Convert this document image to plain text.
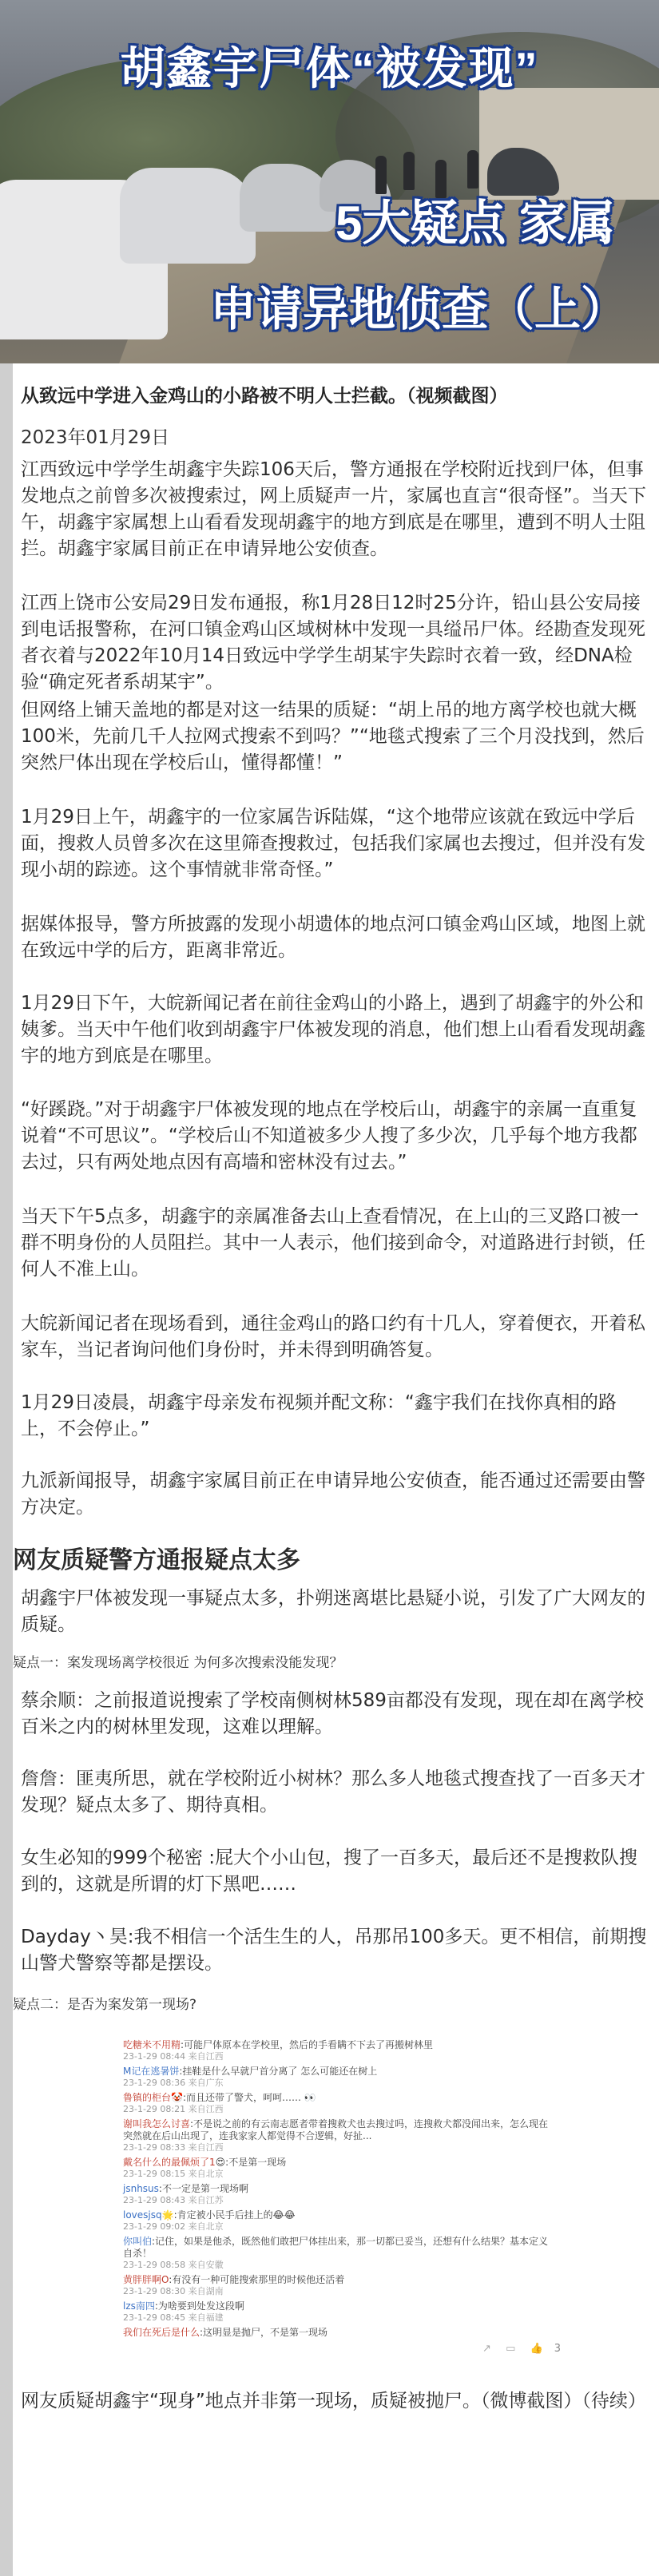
胡鑫宇尸体“被发现”
5大疑点 家属
申请异地侦查（上）
从致远中学进入金鸡山的小路被不明人士拦截。（视频截图）
2023年01月29日

江西致远中学学生胡鑫宇失踪106天后，警方通报在学校附近找到尸体，但事发地点之前曾多次被搜索过，网上质疑声一片，家属也直言“很奇怪”。当天下午，胡鑫宇家属想上山看看发现胡鑫宇的地方到底是在哪里，遭到不明人士阻拦。胡鑫宇家属目前正在申请异地公安侦查。

江西上饶市公安局29日发布通报，称1月28日12时25分许，铅山县公安局接到电话报警称，在河口镇金鸡山区域树林中发现一具缢吊尸体。经勘查发现死者衣着与2022年10月14日致远中学学生胡某宇失踪时衣着一致，经DNA检验“确定死者系胡某宇”。

但网络上铺天盖地的都是对这一结果的质疑：“胡上吊的地方离学校也就大概100米，先前几千人拉网式搜索不到吗？”“地毯式搜索了三个月没找到，然后突然尸体出现在学校后山，懂得都懂！”

1月29日上午，胡鑫宇的一位家属告诉陆媒，“这个地带应该就在致远中学后面，搜救人员曾多次在这里筛查搜救过，包括我们家属也去搜过，但并没有发现小胡的踪迹。这个事情就非常奇怪。”

据媒体报导，警方所披露的发现小胡遗体的地点河口镇金鸡山区域，地图上就在致远中学的后方，距离非常近。

1月29日下午，大皖新闻记者在前往金鸡山的小路上，遇到了胡鑫宇的外公和姨爹。当天中午他们收到胡鑫宇尸体被发现的消息，他们想上山看看发现胡鑫宇的地方到底是在哪里。

“好蹊跷。”对于胡鑫宇尸体被发现的地点在学校后山，胡鑫宇的亲属一直重复说着“不可思议”。“学校后山不知道被多少人搜了多少次，几乎每个地方我都去过，只有两处地点因有高墙和密林没有过去。”

当天下午5点多，胡鑫宇的亲属准备去山上查看情况，在上山的三叉路口被一群不明身份的人员阻拦。其中一人表示，他们接到命令，对道路进行封锁，任何人不准上山。

大皖新闻记者在现场看到，通往金鸡山的路口约有十几人，穿着便衣，开着私家车，当记者询问他们身份时，并未得到明确答复。

1月29日凌晨，胡鑫宇母亲发布视频并配文称：“鑫宇我们在找你真相的路上，不会停止。”

九派新闻报导，胡鑫宇家属目前正在申请异地公安侦查，能否通过还需要由警方决定。

网友质疑警方通报疑点太多

胡鑫宇尸体被发现一事疑点太多，扑朔迷离堪比悬疑小说，引发了广大网友的质疑。

疑点一：案发现场离学校很近 为何多次搜索没能发现？

蔡余顺：之前报道说搜索了学校南侧树林589亩都没有发现，现在却在离学校百米之内的树林里发现，这难以理解。

詹詹：匪夷所思，就在学校附近小树林？那么多人地毯式搜查找了一百多天才发现？疑点太多了、期待真相。

女生必知的999个秘密 :屁大个小山包，搜了一百多天，最后还不是搜救队搜到的，这就是所谓的灯下黑吧……

Dayday丶昊:我不相信一个活生生的人，吊那吊100多天。更不相信，前期搜山警犬警察等都是摆设。

疑点二：是否为案发第一现场?
吃糖米不用精:可能尸体原本在学校里，然后的手看瞒不下去了再搬树林里
23-1-29 08:44 来自江西
M记在逃暑饼:挂鞋是什么早就尸首分离了 怎么可能还在树上
23-1-29 08:36 来自广东
鲁镇的柜台🤡:而且还带了警犬，呵呵…… 👀
23-1-29 08:21 来自江西
谢叫我怎么讨喜:不是说之前的有云南志愿者带着搜救犬也去搜过吗，连搜救犬都没闻出来，怎么现在突然就在后山出现了，连我家家人都觉得不合逻辑，好扯...
23-1-29 08:33 来自江西
戴名什么的最佩烦了1😍:不是第一现场
23-1-29 08:15 来自北京
jsnhsus:不一定是第一现场啊
23-1-29 08:43 来自江苏
lovesjsq🌟:肯定被小民手后挂上的😂😂
23-1-29 09:02 来自北京
你叫伯:记住，如果是他杀，既然他们敢把尸体挂出来，那一切都已妥当，还想有什么结果？基本定义自杀！
23-1-29 08:58 来自安徽
黄胖胖啊O:有没有一种可能搜索那里的时候他还活着
23-1-29 08:30 来自湖南
lzs南四:为啥要到处发这段啊
23-1-29 08:45 来自福建
我们在死后是什么:这明显是抛尸，不是第一现场
↗ ▭ 👍 3

网友质疑胡鑫宇“现身”地点并非第一现场，质疑被抛尸。（微博截图）（待续）
